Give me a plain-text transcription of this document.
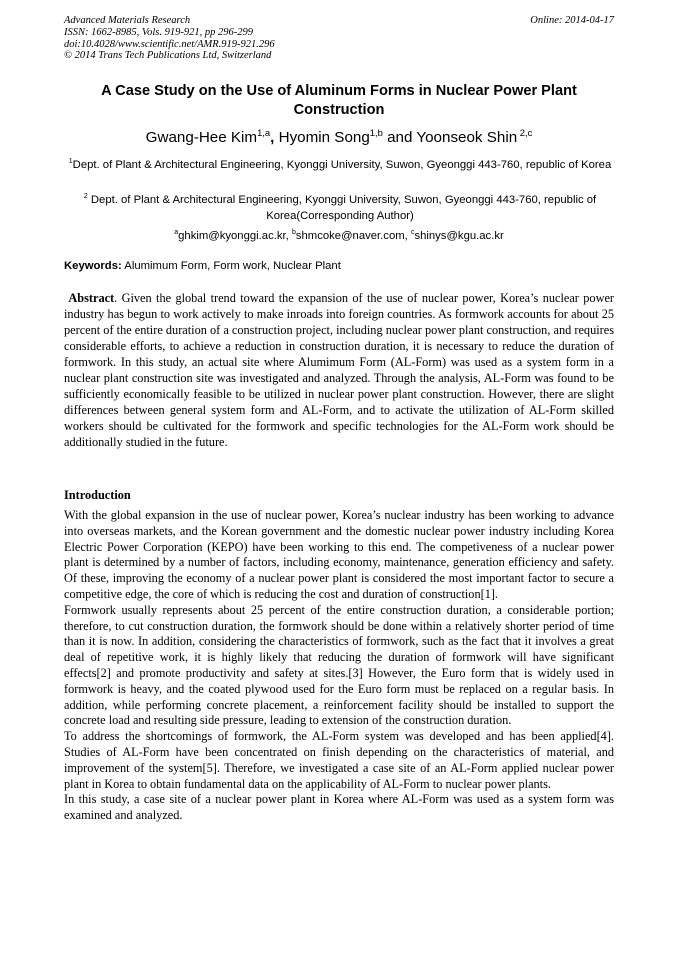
Advanced Materials Research
ISSN: 1662-8985, Vols. 919-921, pp 296-299
doi:10.4028/www.scientific.net/AMR.919-921.296
© 2014 Trans Tech Publications Ltd, Switzerland
Online: 2014-04-17
A Case Study on the Use of Aluminum Forms in Nuclear Power Plant Construction
Gwang-Hee Kim$^{1,a}$, Hyomin Song$^{1,b}$ and Yoonseok Shin $^{2,c}$
$^1$Dept. of Plant & Architectural Engineering, Kyonggi University, Suwon, Gyeonggi 443-760, republic of Korea
$^2$ Dept. of Plant & Architectural Engineering, Kyonggi University, Suwon, Gyeonggi 443-760, republic of Korea(Corresponding Author)
$^a$ghkim@kyonggi.ac.kr, $^b$shmcoke@naver.com, $^c$shinys@kgu.ac.kr
Keywords: Alumimum Form, Form work, Nuclear Plant

Abstract. Given the global trend toward the expansion of the use of nuclear power, Korea’s nuclear power industry has begun to work actively to make inroads into foreign countries. As formwork accounts for about 25 percent of the entire duration of a construction project, including nuclear power plant construction, and requires considerable efforts, to achieve a reduction in construction duration, it is necessary to reduce the duration of formwork. In this study, an actual site where Alumimum Form (AL-Form) was used as a system form in a nuclear plant construction site was investigated and analyzed. Through the analysis, AL-Form was found to be sufficiently economically feasible to be utilized in nuclear power plant construction. However, there are slight differences between general system form and AL-Form, and to activate the utilization of AL-Form skilled workers should be cultivated for the formwork and specific technologies for the AL-Form work should be additionally studied in the future.

Introduction

With the global expansion in the use of nuclear power, Korea’s nuclear industry has been working to advance into overseas markets, and the Korean government and the domestic nuclear power industry including Korea Electric Power Corporation (KEPO) have been working to this end. The competiveness of a nuclear power plant is determined by a number of factors, including economy, maintenance, generation efficiency and safety. Of these, improving the economy of a nuclear power plant is considered the most important factor to secure a competitive edge, the core of which is reducing the cost and duration of construction[1].

Formwork usually represents about 25 percent of the entire construction duration, a considerable portion; therefore, to cut construction duration, the formwork should be done within a relatively shorter period of time than it is now. In addition, considering the characteristics of formwork, such as the fact that it involves a great deal of repetitive work, it is highly likely that reducing the duration of formwork will have significant effects[2] and promote productivity and safety at sites.[3] However, the Euro form that is widely used in formwork is heavy, and the coated plywood used for the Euro form must be replaced on a regular basis. In addition, while performing concrete placement, a reinforcement facility should be installed to support the concrete load and resulting side pressure, leading to extension of the construction duration.

To address the shortcomings of formwork, the AL-Form system was developed and has been applied[4]. Studies of AL-Form have been concentrated on finish depending on the characteristics of material, and improvement of the system[5]. Therefore, we investigated a case site of an AL-Form applied nuclear power plant in Korea to obtain fundamental data on the applicability of AL-Form to nuclear power plants.

In this study, a case site of a nuclear power plant in Korea where AL-Form was used as a system form was examined and analyzed.
